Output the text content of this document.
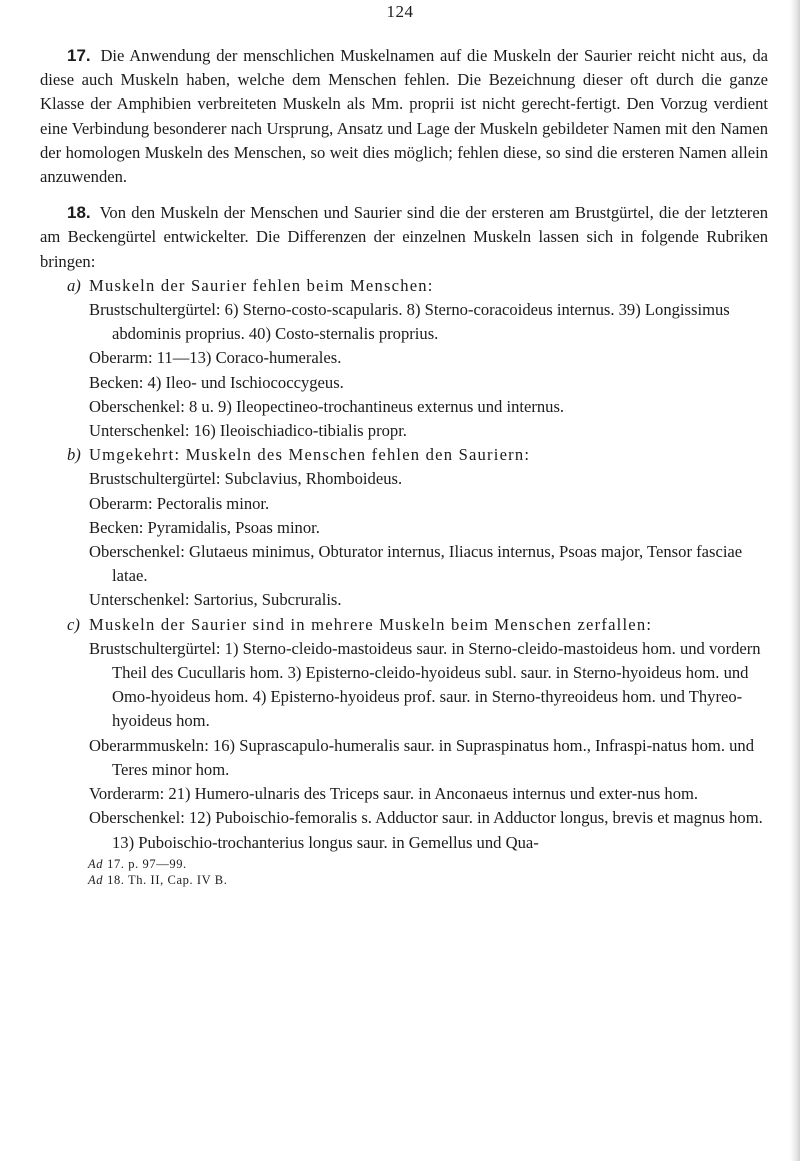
124

17. Die Anwendung der menschlichen Muskelnamen auf die Muskeln der Saurier reicht nicht aus, da diese auch Muskeln haben, welche dem Menschen fehlen. Die Bezeichnung dieser oft durch die ganze Klasse der Amphibien verbreiteten Muskeln als Mm. proprii ist nicht gerecht-fertigt. Den Vorzug verdient eine Verbindung besonderer nach Ursprung, Ansatz und Lage der Muskeln gebildeter Namen mit den Namen der homologen Muskeln des Menschen, so weit dies möglich; fehlen diese, so sind die ersteren Namen allein anzuwenden.

18. Von den Muskeln der Menschen und Saurier sind die der ersteren am Brustgürtel, die der letzteren am Beckengürtel entwickelter. Die Differenzen der einzelnen Muskeln lassen sich in folgende Rubriken bringen:

a) Muskeln der Saurier fehlen beim Menschen:

Brustschultergürtel: 6) Sterno-costo-scapularis. 8) Sterno-coracoideus internus. 39) Longissimus abdominis proprius. 40) Costo-sternalis proprius.

Oberarm: 11—13) Coraco-humerales.

Becken: 4) Ileo- und Ischiococcygeus.

Oberschenkel: 8 u. 9) Ileopectineo-trochantineus externus und internus.

Unterschenkel: 16) Ileoischiadico-tibialis propr.

b) Umgekehrt: Muskeln des Menschen fehlen den Sauriern:

Brustschultergürtel: Subclavius, Rhomboideus.

Oberarm: Pectoralis minor.

Becken: Pyramidalis, Psoas minor.

Oberschenkel: Glutaeus minimus, Obturator internus, Iliacus internus, Psoas major, Tensor fasciae latae.

Unterschenkel: Sartorius, Subcruralis.

c) Muskeln der Saurier sind in mehrere Muskeln beim Menschen zerfallen:

Brustschultergürtel: 1) Sterno-cleido-mastoideus saur. in Sterno-cleido-mastoideus hom. und vordern Theil des Cucullaris hom. 3) Episterno-cleido-hyoideus subl. saur. in Sterno-hyoideus hom. und Omo-hyoideus hom. 4) Episterno-hyoideus prof. saur. in Sterno-thyreoideus hom. und Thyreo-hyoideus hom.

Oberarmmuskeln: 16) Suprascapulo-humeralis saur. in Supraspinatus hom., Infraspi-natus hom. und Teres minor hom.

Vorderarm: 21) Humero-ulnaris des Triceps saur. in Anconaeus internus und exter-nus hom.

Oberschenkel: 12) Puboischio-femoralis s. Adductor saur. in Adductor longus, brevis et magnus hom. 13) Puboischio-trochanterius longus saur. in Gemellus und Qua-

Ad 17. p. 97—99.

Ad 18. Th. II, Cap. IV B.
